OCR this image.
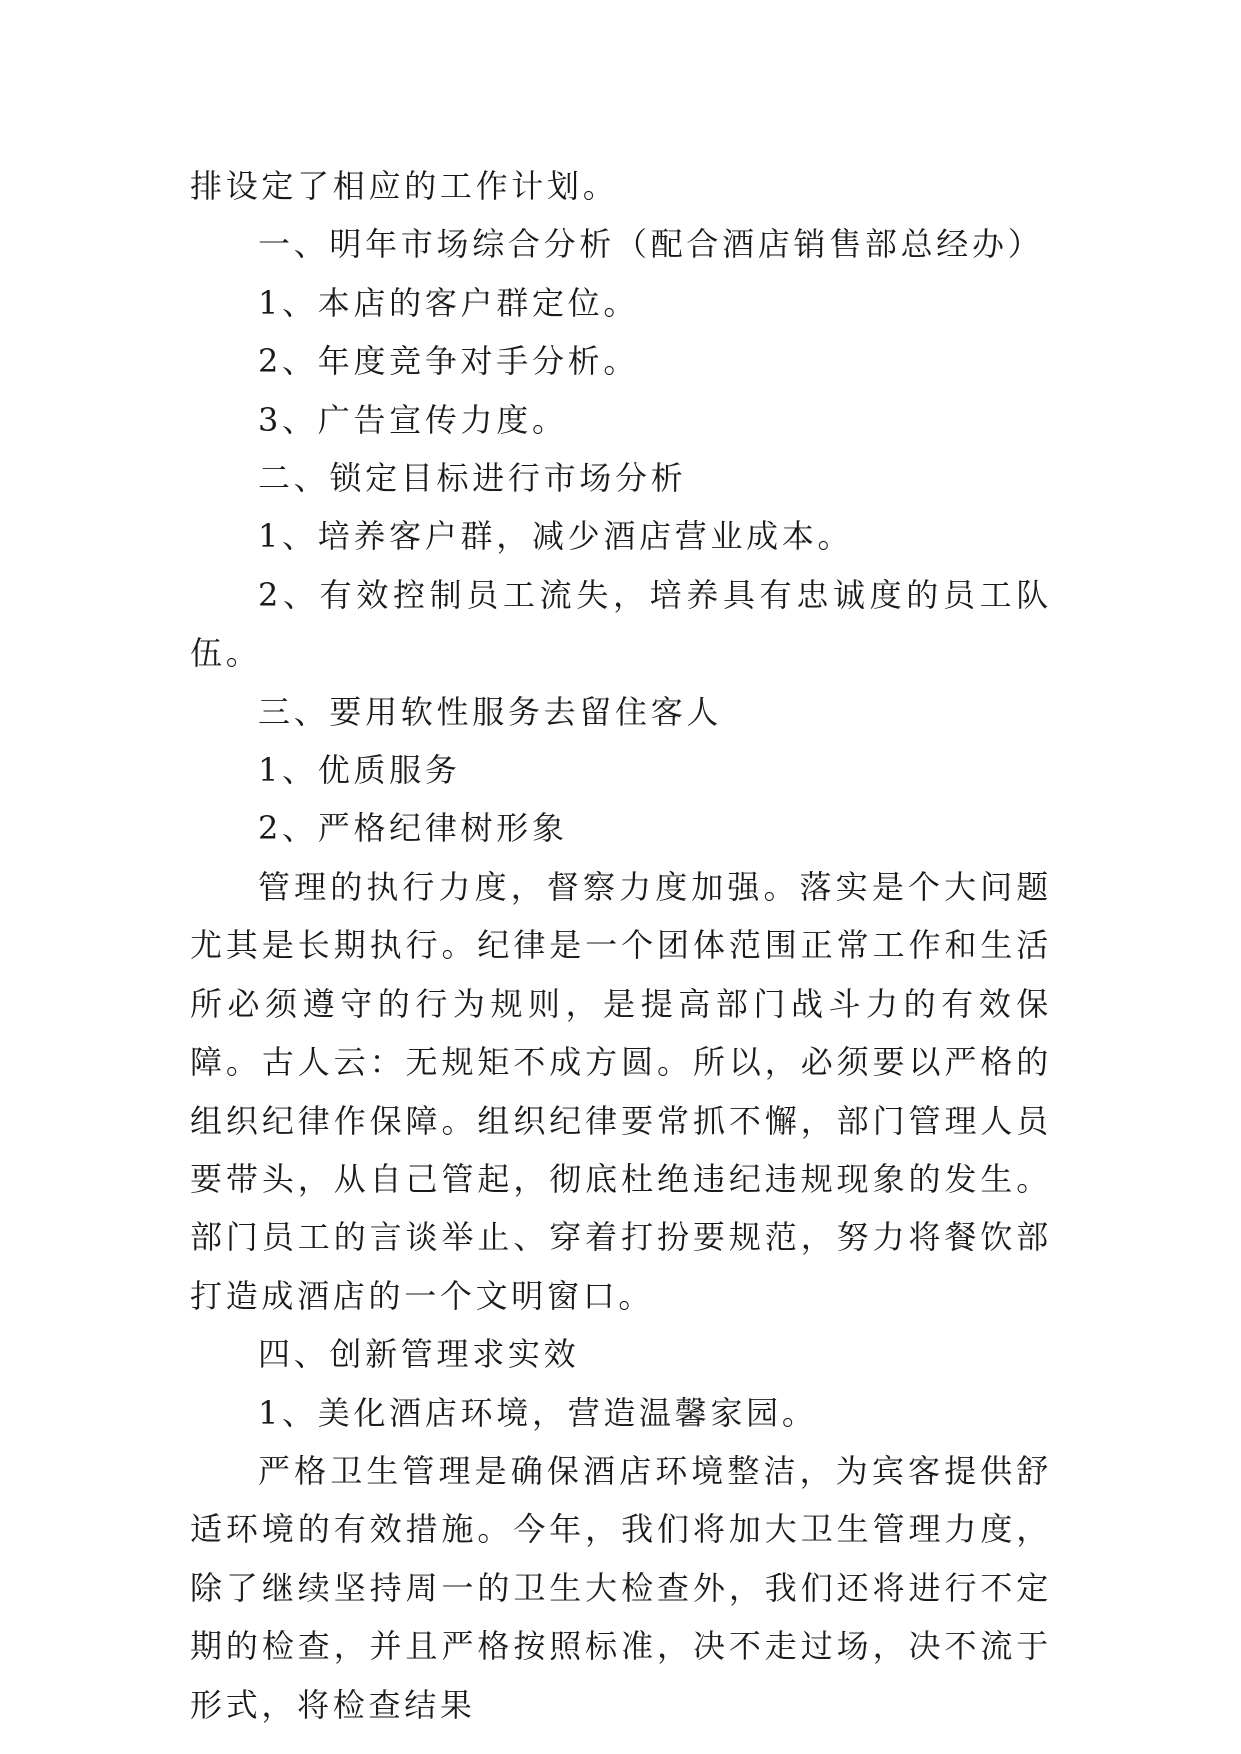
排设定了相应的工作计划。

一、明年市场综合分析（配合酒店销售部总经办）

1、本店的客户群定位。

2、年度竞争对手分析。

3、广告宣传力度。

二、锁定目标进行市场分析

1、培养客户群，减少酒店营业成本。

2、有效控制员工流失，培养具有忠诚度的员工队伍。

三、要用软性服务去留住客人

1、优质服务

2、严格纪律树形象

管理的执行力度，督察力度加强。落实是个大问题尤其是长期执行。纪律是一个团体范围正常工作和生活所必须遵守的行为规则，是提高部门战斗力的有效保障。古人云：无规矩不成方圆。所以，必须要以严格的组织纪律作保障。组织纪律要常抓不懈，部门管理人员要带头，从自己管起，彻底杜绝违纪违规现象的发生。部门员工的言谈举止、穿着打扮要规范，努力将餐饮部打造成酒店的一个文明窗口。

四、创新管理求实效

1、美化酒店环境，营造温馨家园。

严格卫生管理是确保酒店环境整洁，为宾客提供舒适环境的有效措施。今年，我们将加大卫生管理力度，除了继续坚持周一的卫生大检查外，我们还将进行不定期的检查，并且严格按照标准，决不走过场，决不流于形式，将检查结果
